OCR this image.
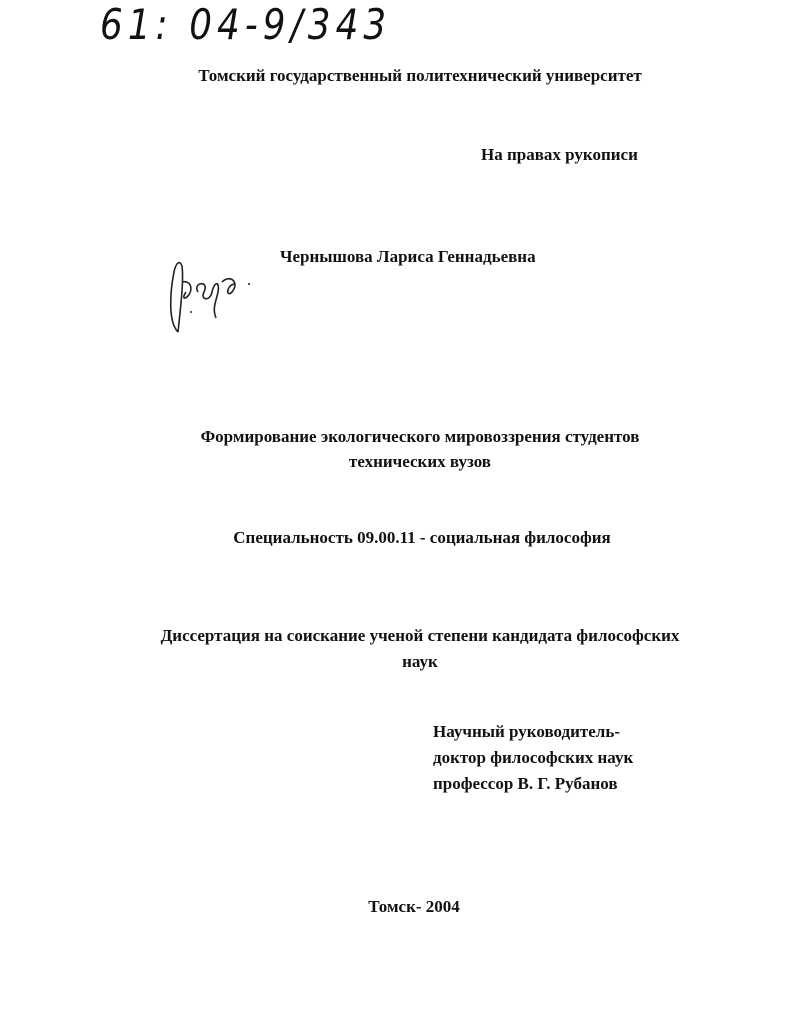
61: 04-9/343
Томский государственный политехнический университет
На правах рукописи
Чернышова Лариса Геннадьевна
Формирование экологического мировоззрения студентов
технических вузов
Специальность 09.00.11 - социальная философия
Диссертация на соискание ученой степени кандидата философских
наук
Научный руководитель-
доктор философских наук
профессор В. Г. Рубанов
Томск- 2004
